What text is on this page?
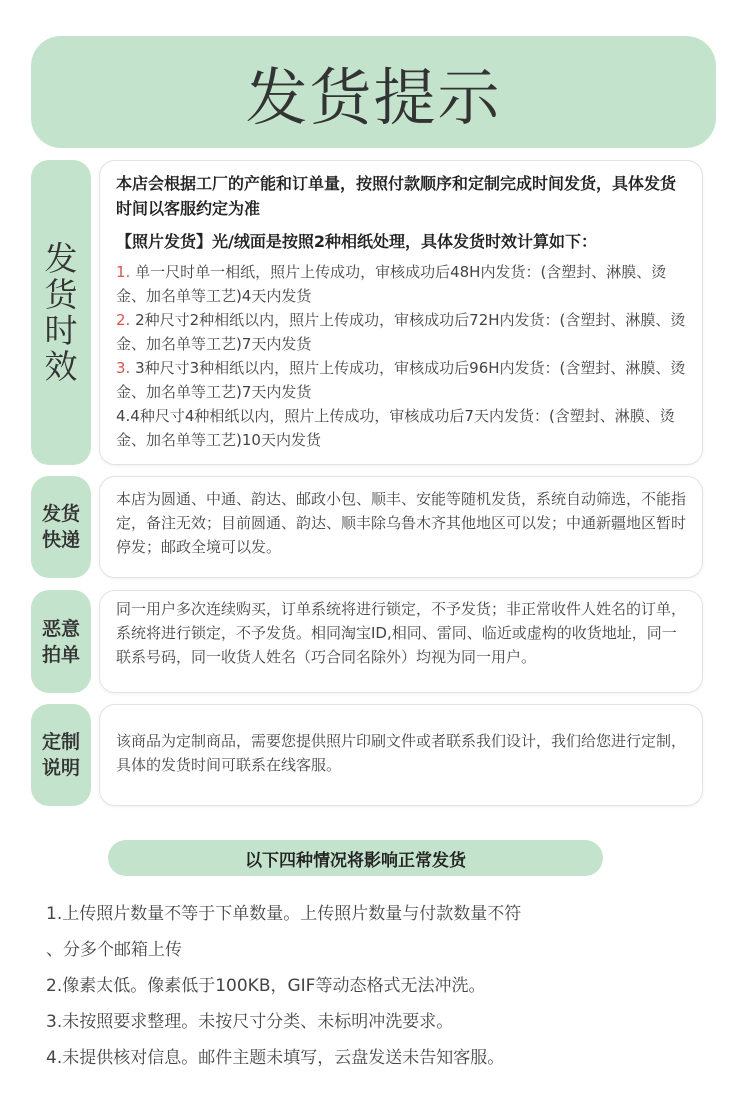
发货提示
发货时效

本店会根据工厂的产能和订单量，按照付款顺序和定制完成时间发货，具体发货时间以客服约定为准

【照片发货】光/绒面是按照2种相纸处理，具体发货时效计算如下：

1. 单一尺时单一相纸，照片上传成功，审核成功后48H内发货：(含塑封、淋膜、烫金、加名单等工艺)4天内发货

2. 2种尺寸2种相纸以内，照片上传成功，审核成功后72H内发货：(含塑封、淋膜、烫金、加名单等工艺)7天内发货

3. 3种尺寸3种相纸以内，照片上传成功，审核成功后96H内发货：(含塑封、淋膜、烫金、加名单等工艺)7天内发货

4.4种尺寸4种相纸以内，照片上传成功，审核成功后7天内发货：(含塑封、淋膜、烫金、加名单等工艺)10天内发货

发货快递

本店为圆通、中通、韵达、邮政小包、顺丰、安能等随机发货，系统自动筛选，不能指定，备注无效；目前圆通、韵达、顺丰除乌鲁木齐其他地区可以发；中通新疆地区暂时停发；邮政全境可以发。

恶意拍单

同一用户多次连续购买，订单系统将进行锁定，不予发货；非正常收件人姓名的订单，系统将进行锁定，不予发货。相同淘宝ID,相同、雷同、临近或虚构的收货地址，同一联系号码，同一收货人姓名（巧合同名除外）均视为同一用户。

定制说明

该商品为定制商品，需要您提供照片印刷文件或者联系我们设计，我们给您进行定制，具体的发货时间可联系在线客服。

以下四种情况将影响正常发货

1.上传照片数量不等于下单数量。上传照片数量与付款数量不符

、分多个邮箱上传

2.像素太低。像素低于100KB，GIF等动态格式无法冲洗。

3.未按照要求整理。未按尺寸分类、未标明冲洗要求。

4.未提供核对信息。邮件主题未填写，云盘发送未告知客服。
